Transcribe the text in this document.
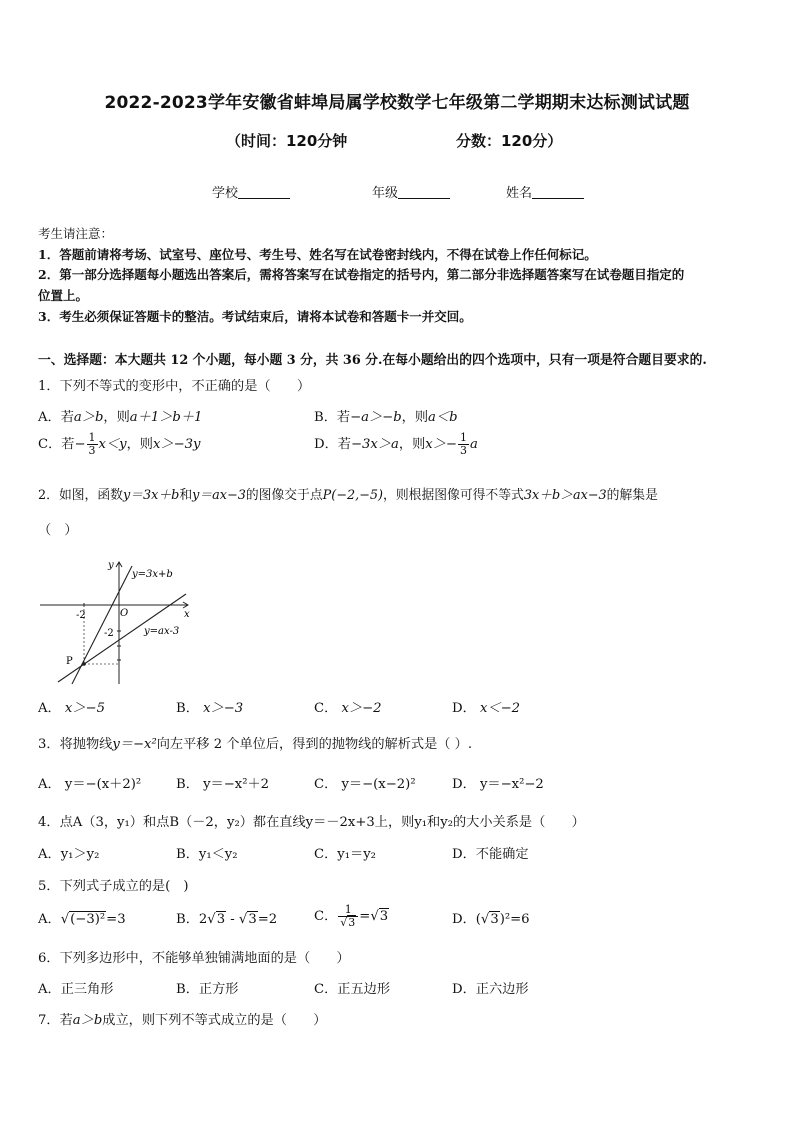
2022-2023学年安徽省蚌埠局属学校数学七年级第二学期期末达标测试试题
（时间：120分钟	分数：120分）
学校	年级	姓名
考生请注意：
1．答题前请将考场、试室号、座位号、考生号、姓名写在试卷密封线内，不得在试卷上作任何标记。
2．第一部分选择题每小题选出答案后，需将答案写在试卷指定的括号内，第二部分非选择题答案写在试卷题目指定的
位置上。
3．考生必须保证答题卡的整洁。考试结束后，请将本试卷和答题卡一并交回。
一、选择题：本大题共 12 个小题，每小题 3 分，共 36 分.在每小题给出的四个选项中，只有一项是符合题目要求的.
1．下列不等式的变形中，不正确的是（　　）
A．若a＞b，则a＋1＞b＋1	B．若−a＞−b，则a＜b
C．若− $\frac{1}{3} x<y$，则x＞−3y	D．若−3x＞a，则$x>- \frac{1}{3}$ a
2．如图，函数y＝3x＋b和y＝ax−3的图像交于点P(−2,−5)，则根据图像可得不等式3x＋b＞ax−3的解集是
（　）
y
x
O
y=3x+b
y=ax-3
-2
-2
P
A． x＞−5	B． x＞−3	C． x＞−2	D． x＜−2
3．将抛物线y＝−x²向左平移 2 个单位后，得到的抛物线的解析式是（ ）.
A． y＝−(x＋2)²	B． y＝−x²＋2	C． y＝−(x−2)²	D． y＝−x²−2
4．点A（3，y₁）和点B（－2，y₂）都在直线y＝－2x+3上，则y₁和y₂的大小关系是（　　）
A．y₁＞y₂	B．y₁＜y₂	C．y₁＝y₂	D．不能确定
5．下列式子成立的是(　)
A．√(−3)²=3	B．2√3 - √3=2	C． $\frac{1}{√3} =√3$	D．(√3)²=6
6．下列多边形中，不能够单独铺满地面的是（　　）
A．正三角形	B．正方形	C．正五边形	D．正六边形
7．若a＞b成立，则下列不等式成立的是（　　）
